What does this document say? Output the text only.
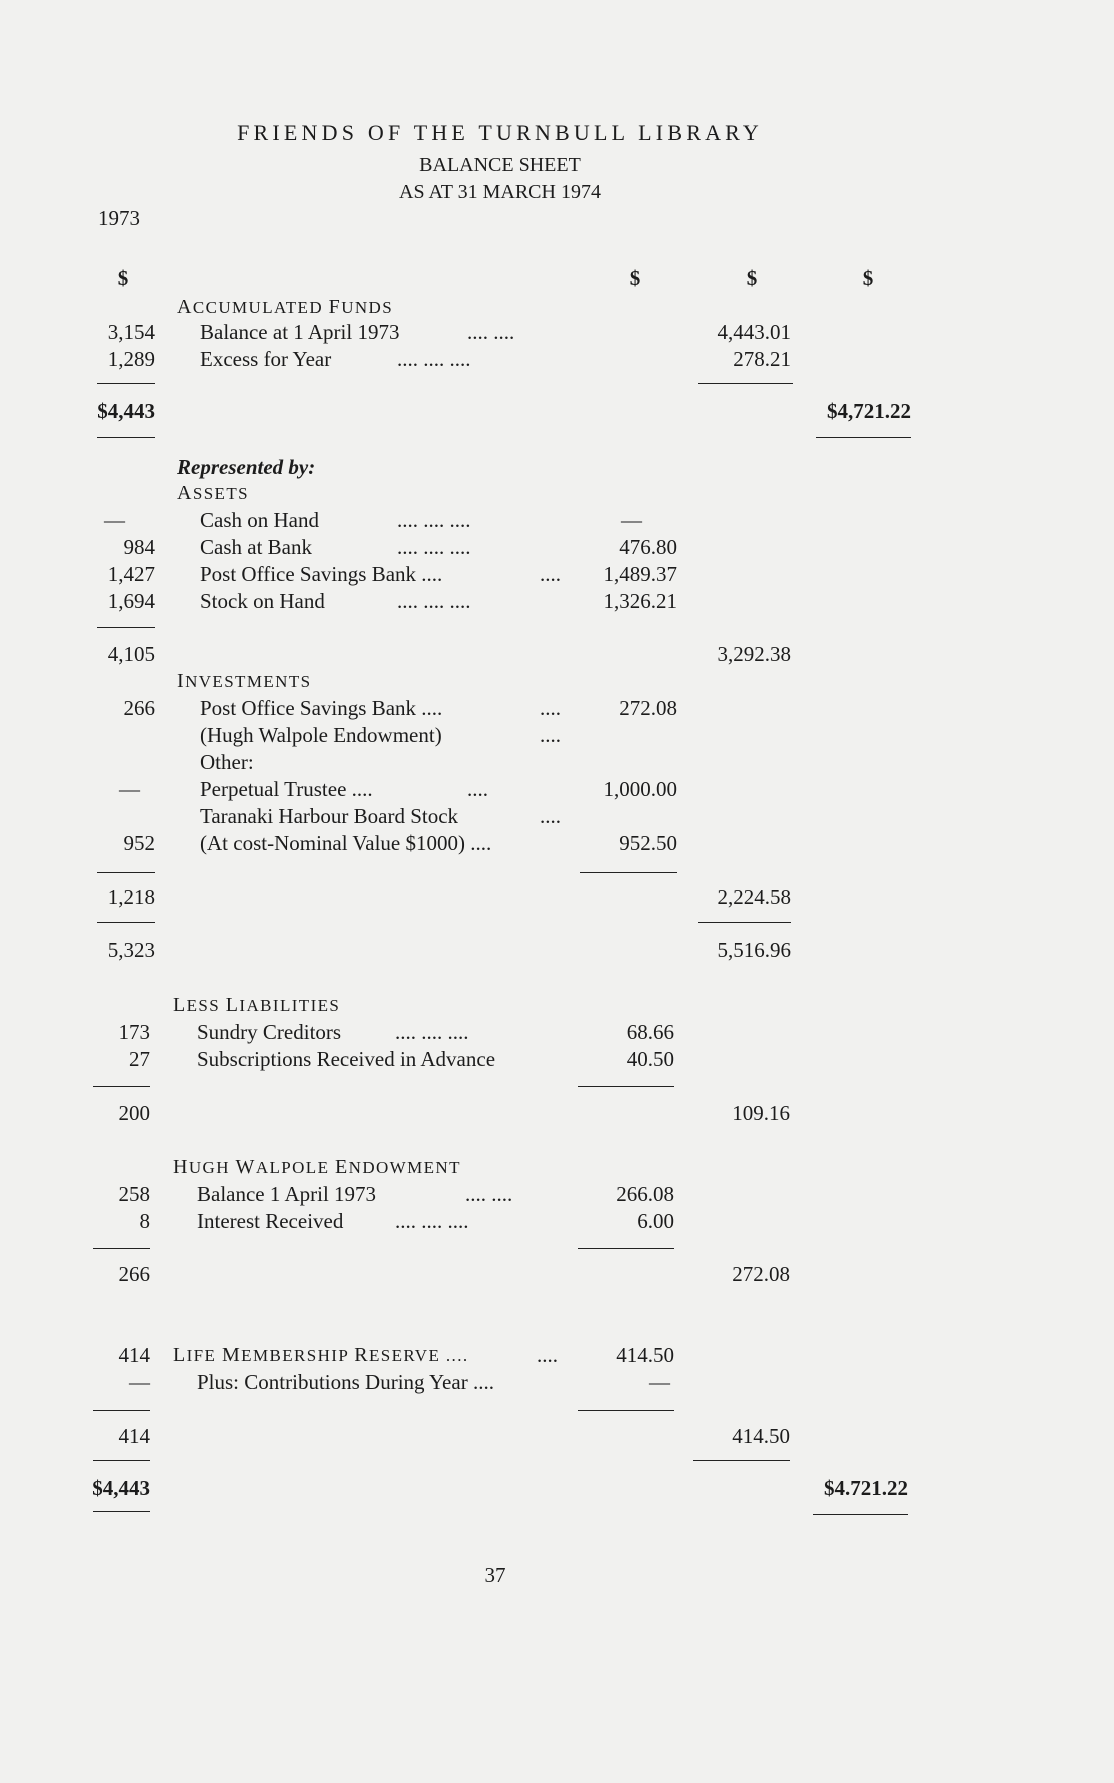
FRIENDS OF THE TURNBULL LIBRARY
BALANCE SHEET
AS AT 31 MARCH 1974
1973
$	$	$	$
ACCUMULATED FUNDS
3,154 Balance at 1 April 1973	.... ....	4,443.01
1,289 Excess for Year	.... .... ....	278.21
$4,443	$4,721.22
Represented by:
ASSETS
—	Cash on Hand	.... .... ....	—
984 Cash at Bank	.... .... ....	476.80
1,427 Post Office Savings Bank ....	.... 1,489.37
1,694 Stock on Hand	.... .... ....	1,326.21
4,105	3,292.38
INVESTMENTS
266 Post Office Savings Bank ....	....	272.08
(Hugh Walpole Endowment)	....
Other:
—	Perpetual Trustee ....	....	1,000.00
Taranaki Harbour Board Stock	....
952 (At cost-Nominal Value $1000) ....	952.50
1,218	2,224.58
5,323	5,516.96
LESS LIABILITIES
173 Sundry Creditors	.... .... ....	68.66
27 Subscriptions Received in Advance	40.50
200	109.16
HUGH WALPOLE ENDOWMENT
258 Balance 1 April 1973	.... ....	266.08
8 Interest Received .... .... ....	6.00
266	272.08
414 LIFE MEMBERSHIP RESERVE ....	....	414.50
— Plus: Contributions During Year ....	—
414	414.50
$4,443	$4.721.22
37
